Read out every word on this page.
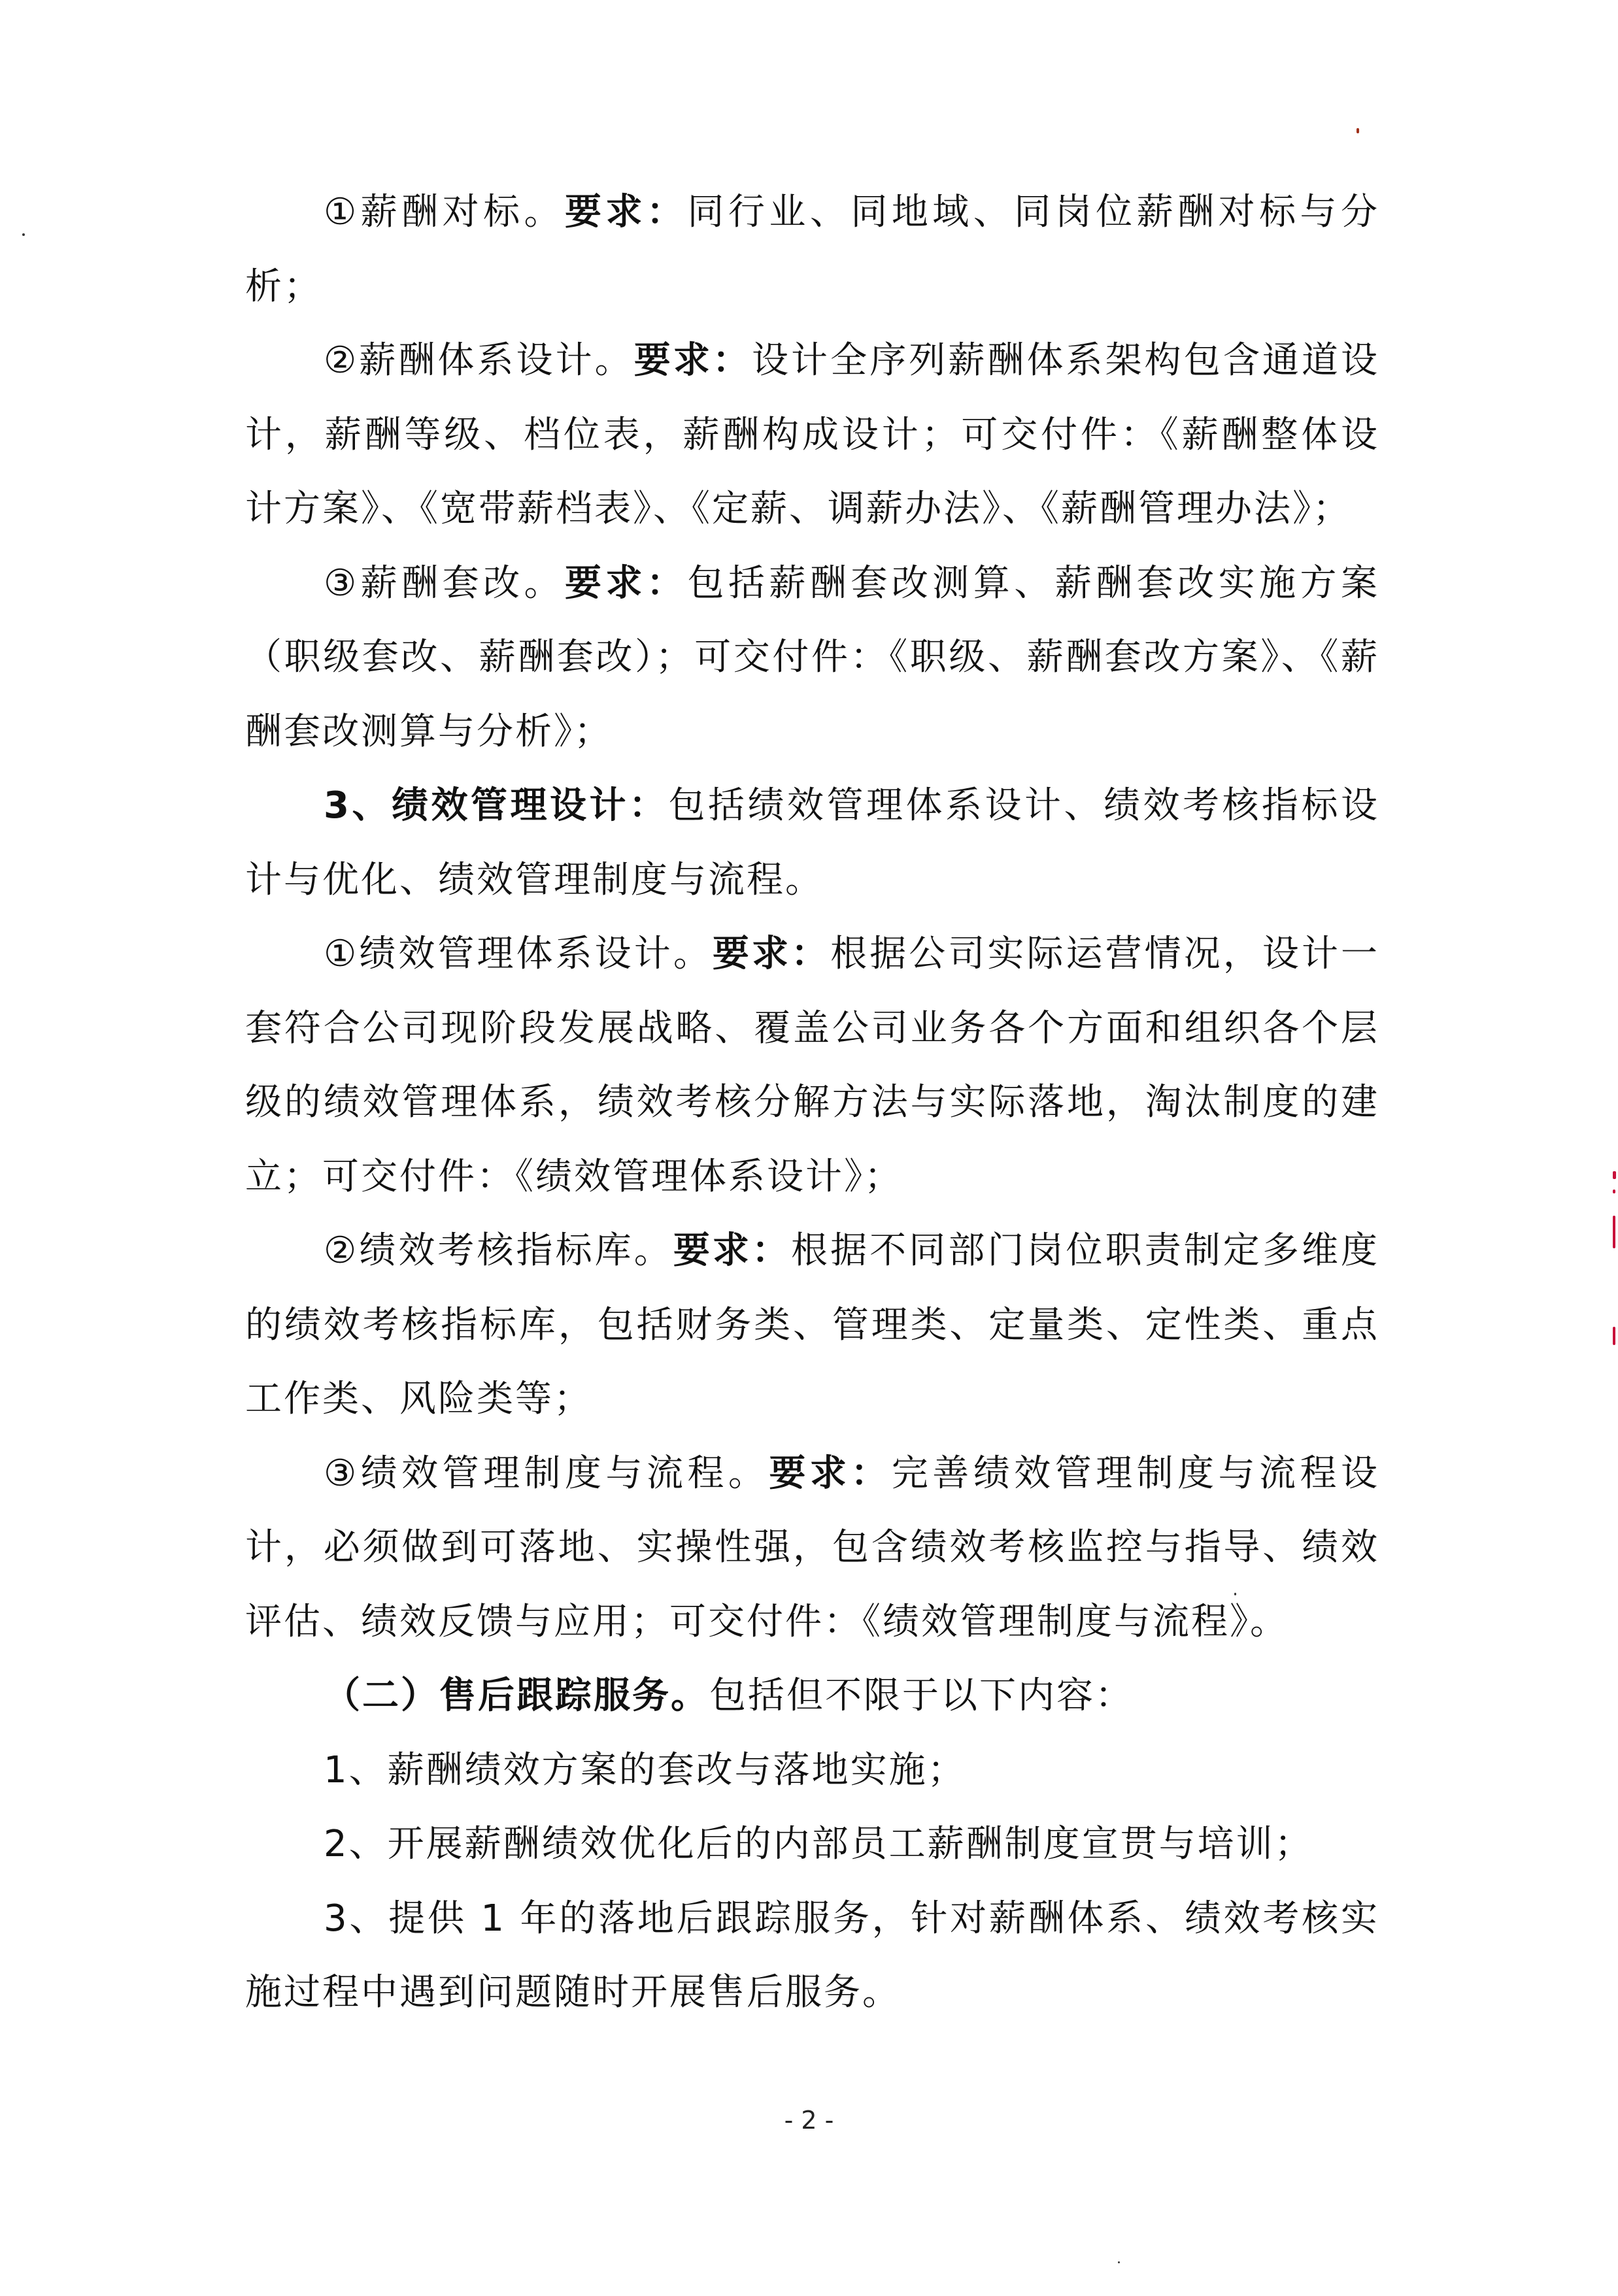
①薪酬对标。要求：同行业、同地域、同岗位薪酬对标与分析；

②薪酬体系设计。要求：设计全序列薪酬体系架构包含通道设计，薪酬等级、档位表，薪酬构成设计；可交付件：《薪酬整体设计方案》、《宽带薪档表》、《定薪、调薪办法》、《薪酬管理办法》；

③薪酬套改。要求：包括薪酬套改测算、薪酬套改实施方案（职级套改、薪酬套改）；可交付件：《职级、薪酬套改方案》、《薪酬套改测算与分析》；

3、绩效管理设计：包括绩效管理体系设计、绩效考核指标设计与优化、绩效管理制度与流程。

①绩效管理体系设计。要求：根据公司实际运营情况，设计一套符合公司现阶段发展战略、覆盖公司业务各个方面和组织各个层级的绩效管理体系，绩效考核分解方法与实际落地，淘汰制度的建立；可交付件：《绩效管理体系设计》；

②绩效考核指标库。要求：根据不同部门岗位职责制定多维度的绩效考核指标库，包括财务类、管理类、定量类、定性类、重点工作类、风险类等；

③绩效管理制度与流程。要求：完善绩效管理制度与流程设计，必须做到可落地、实操性强，包含绩效考核监控与指导、绩效评估、绩效反馈与应用；可交付件：《绩效管理制度与流程》。

（二）售后跟踪服务。包括但不限于以下内容：

1、薪酬绩效方案的套改与落地实施；

2、开展薪酬绩效优化后的内部员工薪酬制度宣贯与培训；

3、提供 1 年的落地后跟踪服务，针对薪酬体系、绩效考核实施过程中遇到问题随时开展售后服务。

- 2 -
